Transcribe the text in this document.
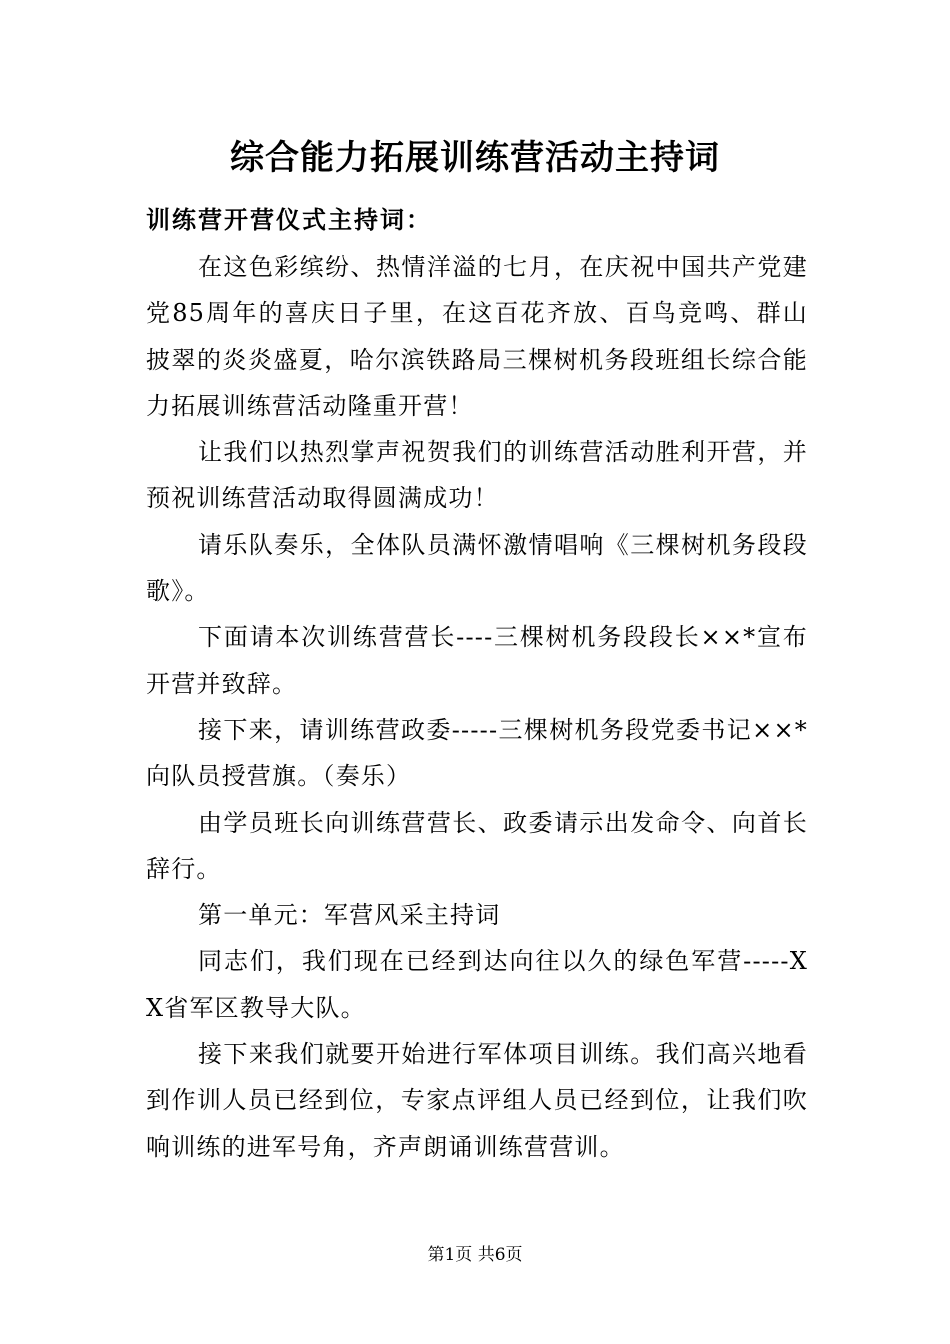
综合能力拓展训练营活动主持词
训练营开营仪式主持词：

在这色彩缤纷、热情洋溢的七月，在庆祝中国共产党建党85周年的喜庆日子里，在这百花齐放、百鸟竞鸣、群山披翠的炎炎盛夏，哈尔滨铁路局三棵树机务段班组长综合能力拓展训练营活动隆重开营！

让我们以热烈掌声祝贺我们的训练营活动胜利开营，并预祝训练营活动取得圆满成功！

请乐队奏乐，全体队员满怀激情唱响《三棵树机务段段歌》。

下面请本次训练营营长----三棵树机务段段长××*宣布开营并致辞。

接下来，请训练营政委-----三棵树机务段党委书记××*向队员授营旗。（奏乐）

由学员班长向训练营营长、政委请示出发命令、向首长辞行。

第一单元：军营风采主持词

同志们，我们现在已经到达向往以久的绿色军营-----XX省军区教导大队。

接下来我们就要开始进行军体项目训练。我们高兴地看到作训人员已经到位，专家点评组人员已经到位，让我们吹响训练的进军号角，齐声朗诵训练营营训。

第1页 共6页
